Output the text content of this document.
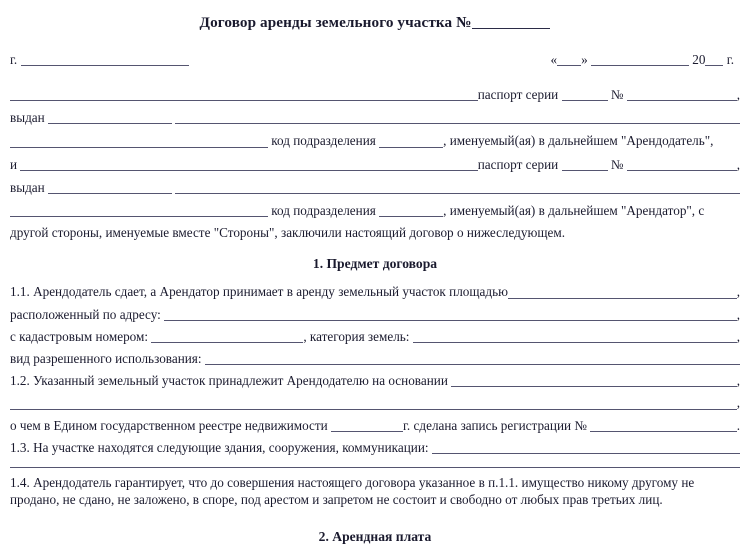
Договор аренды земельного участка №
г.	« »	20 г.
паспорт серии

	№
	,
выдан

код подразделения
	, именуемый(ая) в дальнейшем "Арендодатель",
и
	паспорт серии

	№
	,
выдан

код подразделения
	, именуемый(ая) в дальнейшем "Арендатор", с
другой стороны, именуемые вместе "Стороны", заключили настоящий договор о нижеследующем.
1. Предмет договора
1.1. Арендодатель сдает, а Арендатор принимает в аренду земельный участок площадью	,
расположенный по адресу:
	,
с кадастровым номером:
	, категория земель:
	,
вид разрешенного использования:

1.2. Указанный земельный участок принадлежит Арендодателю на основании
	,
,
о чем в Едином государственном реестре недвижимости
	г. сделана запись регистрации №
	.
1.3. На участке находятся следующие здания, сооружения, коммуникации:

1.4. Арендодатель гарантирует, что до совершения настоящего договора указанное в п.1.1. имущество никому другому не
продано, не сдано, не заложено, в споре, под арестом и запретом не состоит и свободно от любых прав третьих лиц.
2. Арендная плата
